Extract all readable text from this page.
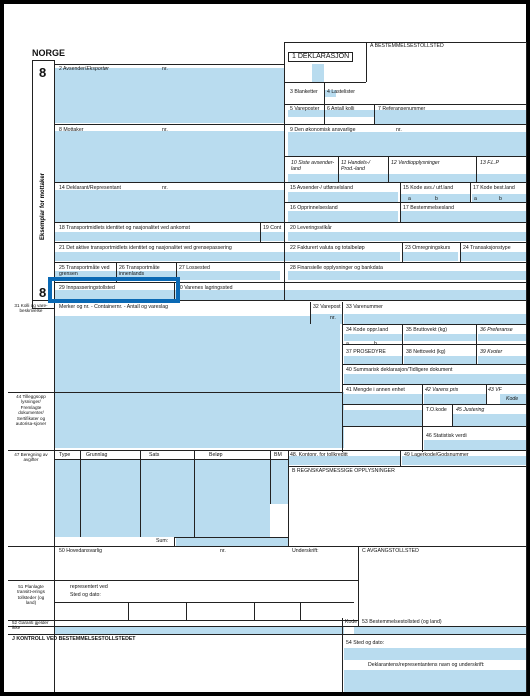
NORGE
8
Eksemplar for mottaker
8
A BESTEMMELSESTOLLSTED
1 DEKLARASJON
2 Avsender/Eksportør	nr.
3 Blanketter 4 Lastelister
5 Vareposter 6 Antall kolli	7 Referansenummer
8 Mottaker	nr.	9 Den økonomisk ansvarlige	nr.
10 Siste avsender-land
11 Handels-/ Prod.-land
12 Verdiopplysninger	13 F.L.P
14 Deklarant/Representant	nr.	15 Avsender-/ utførselsland	15 Kode avs./ utf.land	17 Kode best.land
a	b	a	b
16 Opprinnelsesland	17 Bestemmelsesland
18 Transportmidlets identitet og nasjonalitet ved ankomst	19 Cont 20 Leveringsvilkår
21 Det aktive transportmidlets identitet og nasjonalitet ved grensepassering	22 Fakturert valuta og totalbeløp	23 Omregningskurs 24 Transaksjonstype
25 Transportmåte ved grensen
26 Transportmåte innenlands
27 Lossested	28 Finansielle opplysninger og bankdata
29 Innpasseringstollsted	30 Varenes lagringssted
31 Kolli og vare-beskrivelse
Merker og nr. - Containernr. - Antall og vareslag	32 Varepost
nr.
33 Varenummer
34 Kode oppr.land
a	b
35 Bruttovekt (kg)	36 Preferanse
37 PROSEDYRE	38 Nettovekt (kg)	39 Kvoter
40 Summarisk deklarasjon/Tidligere dokument
41 Mengde i annen enhet	42 Varens pris	43 VF
Kode
44 Tilleggsopp lysninger/ Fremlagte dokumenter/ Sertifikater og autorisa-sjoner
T.O.kode 45 Justering
46 Statistisk verdi
47 Beregning av avgifter
Type	Grunnlag	Sats	Beløp	BM 48. Kontonr. for tollkreditt	49 Lagerkode/Godsnummer
B REGNSKAPSMESSIGE OPPLYSNINGER
Sum:
50 Hovedansvarlig	nr.	Underskrift:	C AVGANGSTOLLSTED
representert ved
Sted og dato:
51 Planlagte transitt-erings tollsteder (og land)
52 Garanti gjelder ikke
Kode 53 Bestemmelsestollsted (og land)
J KONTROLL VED BESTEMMELSESTOLLSTEDET
54 Sted og dato:
Deklarantens/representantens navn og underskrift:
